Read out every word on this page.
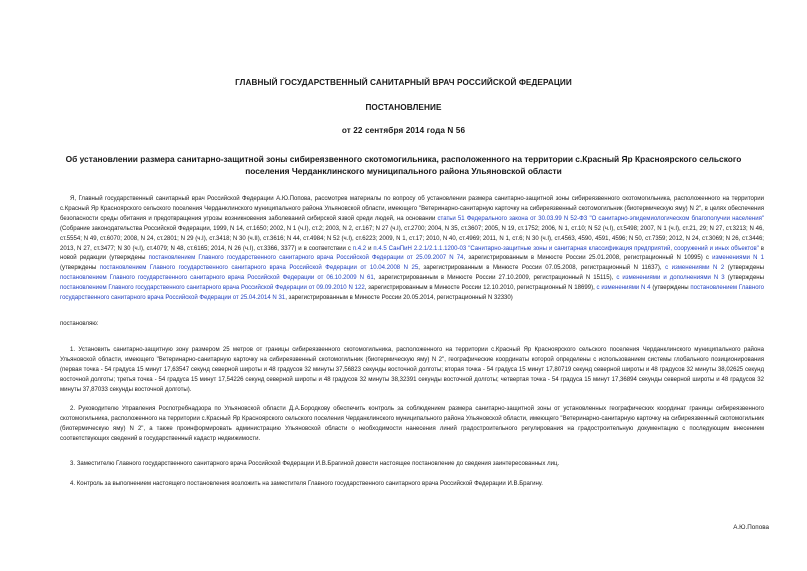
ГЛАВНЫЙ ГОСУДАРСТВЕННЫЙ САНИТАРНЫЙ ВРАЧ РОССИЙСКОЙ ФЕДЕРАЦИИ
ПОСТАНОВЛЕНИЕ
от 22 сентября 2014 года N 56
Об установлении размера санитарно-защитной зоны сибиреязвенного скотомогильника, расположенного на территории с.Красный Яр Красноярского сельского поселения Черданклинского муниципального района Ульяновской области
Я, Главный государственный санитарный врач Российской Федерации А.Ю.Попова, рассмотрев материалы по вопросу об установлении размера санитарно-защитной зоны сибиреязвенного скотомогильника, расположенного на территории с.Красный Яр Красноярского сельского поселения Черданклинского муниципального района Ульяновской области, имеющего "Ветеринарно-санитарную карточку на сибиреязвенный скотомогильник (биотермическую яму) N 2", в целях обеспечения безопасности среды обитания и предотвращения угрозы возникновения заболеваний сибирской язвой среди людей, на основании статьи 51 Федерального закона от 30.03.99 N 52-ФЗ "О санитарно-эпидемиологическом благополучии населения" (Собрание законодательства Российской Федерации, 1999, N 14, ст.1650; 2002, N 1 (ч.I), ст.2; 2003, N 2, ст.167; N 27 (ч.I), ст.2700; 2004, N 35, ст.3607; 2005, N 19, ст.1752; 2006, N 1, ст.10; N 52 (ч.I), ст.5498; 2007, N 1 (ч.I), ст.21, 29; N 27, ст.3213; N 46, ст.5554; N 49, ст.6070; 2008, N 24, ст.2801; N 29 (ч.I), ст.3418; N 30 (ч.II), ст.3616; N 44, ст.4984; N 52 (ч.I), ст.6223; 2009, N 1, ст.17; 2010, N 40, ст.4969; 2011, N 1, ст.6; N 30 (ч.I), ст.4563, 4590, 4591, 4596; N 50, ст.7359; 2012, N 24, ст.3069; N 26, ст.3446; 2013, N 27, ст.3477; N 30 (ч.I), ст.4079; N 48, ст.6165; 2014, N 26 (ч.I), ст.3366, 3377) и в соответствии с п.4.2 и п.4.5 СанПиН 2.2.1/2.1.1.1200-03 "Санитарно-защитные зоны и санитарная классификация предприятий, сооружений и иных объектов" в новой редакции (утверждены постановлением Главного государственного санитарного врача Российской Федерации от 25.09.2007 N 74, зарегистрированным в Минюсте России 25.01.2008, регистрационный N 10995) с изменениями N 1 (утверждены постановлением Главного государственного санитарного врача Российской Федерации от 10.04.2008 N 25, зарегистрированным в Минюсте России 07.05.2008, регистрационный N 11637), с изменениями N 2 (утверждены постановлением Главного государственного санитарного врача Российской Федерации от 06.10.2009 N 61, зарегистрированным в Минюсте России 27.10.2009, регистрационный N 15115), с изменениями и дополнениями N 3 (утверждены постановлением Главного государственного санитарного врача Российской Федерации от 09.09.2010 N 122, зарегистрированным в Минюсте России 12.10.2010, регистрационный N 18699), с изменениями N 4 (утверждены постановлением Главного государственного санитарного врача Российской Федерации от 25.04.2014 N 31, зарегистрированным в Минюсте России 20.05.2014, регистрационный N 32330)
постановляю:
1. Установить санитарно-защитную зону размером 25 метров от границы сибиреязвенного скотомогильника, расположенного на территории с.Красный Яр Красноярского сельского поселения Черданклинского муниципального района Ульяновской области, имеющего "Ветеринарно-санитарную карточку на сибиреязвенный скотомогильник (биотермическую яму) N 2", географические координаты которой определены с использованием системы глобального позиционирования (первая точка - 54 градуса 15 минут 17,63547 секунд северной широты и 48 градусов 32 минуты 37,56823 секунды восточной долготы; вторая точка - 54 градуса 15 минут 17,80719 секунд северной широты и 48 градусов 32 минуты 38,02625 секунд восточной долготы; третья точка - 54 градуса 15 минут 17,54226 секунд северной широты и 48 градусов 32 минуты 38,32391 секунды восточной долготы; четвертая точка - 54 градуса 15 минут 17,36894 секунды северной широты и 48 градусов 32 минуты 37,87033 секунды восточной долготы).
2. Руководителю Управления Роспотребнадзора по Ульяновской области Д.А.Бородкову обеспечить контроль за соблюдением размера санитарно-защитной зоны от установленных географических координат границы сибиреязвенного скотомогильника, расположенного на территории с.Красный Яр Красноярского сельского поселения Черданклинского муниципального района Ульяновской области, имеющего "Ветеринарно-санитарную карточку на сибиреязвенный скотомогильник (биотермическую яму) N 2", а также проинформировать администрацию Ульяновской области о необходимости нанесения линий градостроительного регулирования на градостроительную документацию с последующим внесением соответствующих сведений в государственный кадастр недвижимости.
3. Заместителю Главного государственного санитарного врача Российской Федерации И.В.Брагиной довести настоящее постановление до сведения заинтересованных лиц.
4. Контроль за выполнением настоящего постановления возложить на заместителя Главного государственного санитарного врача Российской Федерации И.В.Брагину.
А.Ю.Попова
